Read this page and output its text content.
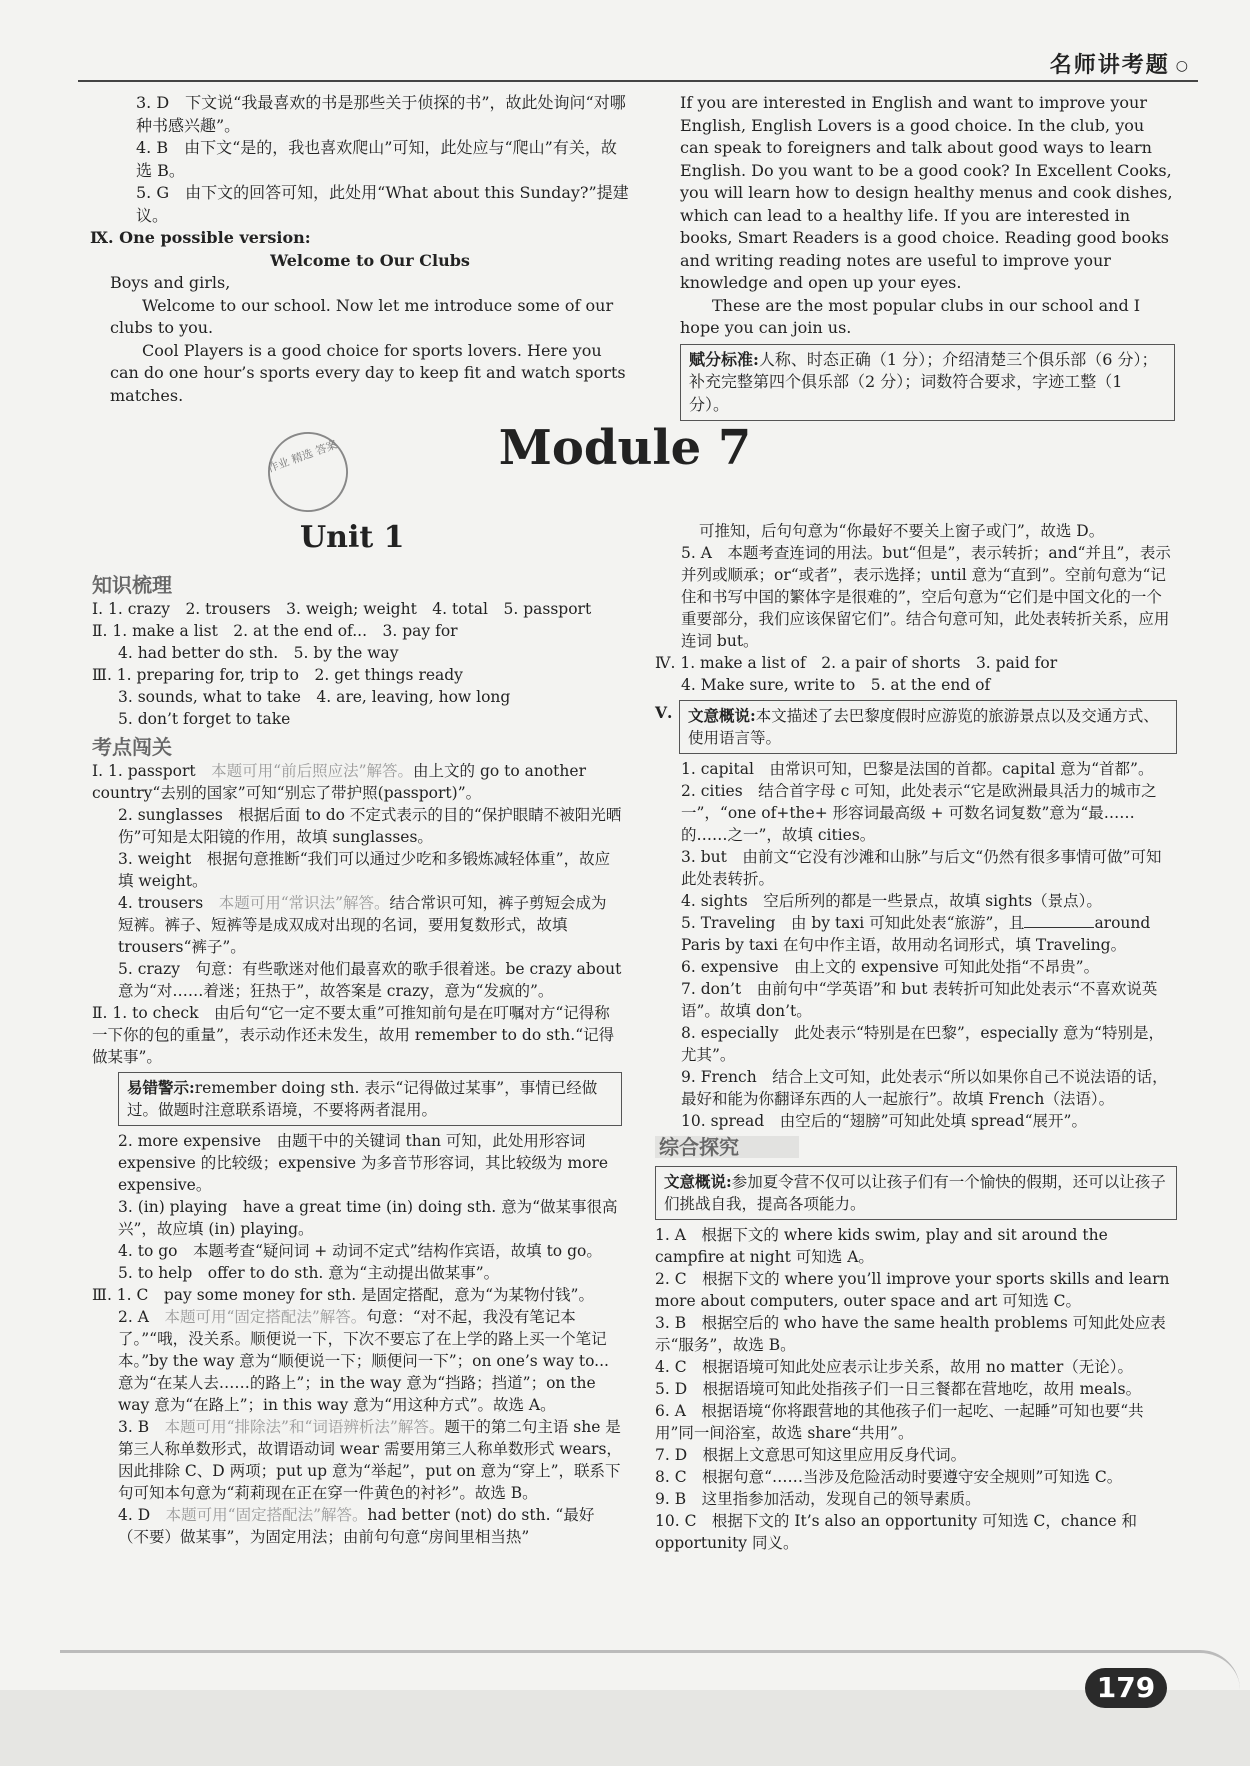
名师讲考题 ○

3. D　下文说“我最喜欢的书是那些关于侦探的书”，故此处询问“对哪种书感兴趣”。

4. B　由下文“是的，我也喜欢爬山”可知，此处应与“爬山”有关，故选 B。

5. G　由下文的回答可知，此处用“What about this Sunday?”提建议。

Ⅸ. One possible version:

Welcome to Our Clubs

Boys and girls,

Welcome to our school. Now let me introduce some of our clubs to you.

Cool Players is a good choice for sports lovers. Here you can do one hour’s sports every day to keep fit and watch sports matches.

If you are interested in English and want to improve your English, English Lovers is a good choice. In the club, you can speak to foreigners and talk about good ways to learn English. Do you want to be a good cook? In Excellent Cooks, you will learn how to design healthy menus and cook dishes, which can lead to a healthy life. If you are interested in books, Smart Readers is a good choice. Reading good books and writing reading notes are useful to improve your knowledge and open up your eyes.

These are the most popular clubs in our school and I hope you can join us.

赋分标准:人称、时态正确（1 分）；介绍清楚三个俱乐部（6 分）；补充完整第四个俱乐部（2 分）；词数符合要求，字迹工整（1 分）。
Module 7
作业 精选 答案
Unit 1
知识梳理

Ⅰ. 1. crazy　2. trousers　3. weigh; weight　4. total　5. passport

Ⅱ. 1. make a list　2. at the end of...　3. pay for

4. had better do sth.　5. by the way

Ⅲ. 1. preparing for, trip to　2. get things ready

3. sounds, what to take　4. are, leaving, how long

5. don’t forget to take

考点闯关

Ⅰ. 1. passport　 本题可用“前后照应法”解答。由上文的 go to another country“去别的国家”可知“别忘了带护照(passport)”。

2. sunglasses　根据后面 to do 不定式表示的目的“保护眼睛不被阳光晒伤”可知是太阳镜的作用，故填 sunglasses。

3. weight　根据句意推断“我们可以通过少吃和多锻炼减轻体重”，故应填 weight。

4. trousers　 本题可用“常识法”解答。结合常识可知，裤子剪短会成为短裤。裤子、短裤等是成双成对出现的名词，要用复数形式，故填 trousers“裤子”。

5. crazy　句意：有些歌迷对他们最喜欢的歌手很着迷。be crazy about 意为“对……着迷；狂热于”，故答案是 crazy，意为“发疯的”。

Ⅱ. 1. to check　由后句“它一定不要太重”可推知前句是在叮嘱对方“记得称一下你的包的重量”，表示动作还未发生，故用 remember to do sth.“记得做某事”。

易错警示:remember doing sth. 表示“记得做过某事”，事情已经做过。做题时注意联系语境，不要将两者混用。

2. more expensive　由题干中的关键词 than 可知，此处用形容词 expensive 的比较级；expensive 为多音节形容词，其比较级为 more expensive。

3. (in) playing　have a great time (in) doing sth. 意为“做某事很高兴”，故应填 (in) playing。

4. to go　本题考查“疑问词 + 动词不定式”结构作宾语，故填 to go。

5. to help　offer to do sth. 意为“主动提出做某事”。

Ⅲ. 1. C　pay some money for sth. 是固定搭配，意为“为某物付钱”。

2. A　 本题可用“固定搭配法”解答。句意：“对不起，我没有笔记本了。”“哦，没关系。顺便说一下，下次不要忘了在上学的路上买一个笔记本。”by the way 意为“顺便说一下；顺便问一下”；on one’s way to... 意为“在某人去……的路上”；in the way 意为“挡路；挡道”；on the way 意为“在路上”；in this way 意为“用这种方式”。故选 A。

3. B　 本题可用“排除法”和“词语辨析法”解答。题干的第二句主语 she 是第三人称单数形式，故谓语动词 wear 需要用第三人称单数形式 wears，因此排除 C、D 两项；put up 意为“举起”，put on 意为“穿上”，联系下句可知本句意为“莉莉现在正在穿一件黄色的衬衫”。故选 B。

4. D　 本题可用“固定搭配法”解答。had better (not) do sth. “最好（不要）做某事”，为固定用法；由前句句意“房间里相当热”

可推知，后句句意为“你最好不要关上窗子或门”，故选 D。

5. A　本题考查连词的用法。but“但是”，表示转折；and“并且”，表示并列或顺承；or“或者”，表示选择；until 意为“直到”。空前句意为“记住和书写中国的繁体字是很难的”，空后句意为“它们是中国文化的一个重要部分，我们应该保留它们”。结合句意可知，此处表转折关系，应用连词 but。

Ⅳ. 1. make a list of　2. a pair of shorts　3. paid for

4. Make sure, write to　5. at the end of

Ⅴ.	文意概说:本文描述了去巴黎度假时应游览的旅游景点以及交通方式、使用语言等。

1. capital　由常识可知，巴黎是法国的首都。capital 意为“首都”。

2. cities　结合首字母 c 可知，此处表示“它是欧洲最具活力的城市之一”，“one of+the+ 形容词最高级 + 可数名词复数”意为“最……的……之一”，故填 cities。

3. but　由前文“它没有沙滩和山脉”与后文“仍然有很多事情可做”可知此处表转折。

4. sights　空后所列的都是一些景点，故填 sights（景点）。

5. Traveling　由 by taxi 可知此处表“旅游”，且	around Paris by taxi 在句中作主语，故用动名词形式，填 Traveling。

6. expensive　由上文的 expensive 可知此处指“不昂贵”。

7. don’t　由前句中“学英语”和 but 表转折可知此处表示“不喜欢说英语”。故填 don’t。

8. especially　此处表示“特别是在巴黎”，especially 意为“特别是，尤其”。

9. French　结合上文可知，此处表示“所以如果你自己不说法语的话，最好和能为你翻译东西的人一起旅行”。故填 French（法语）。

10. spread　由空后的“翅膀”可知此处填 spread“展开”。

综合探究
文意概说:参加夏令营不仅可以让孩子们有一个愉快的假期，还可以让孩子们挑战自我，提高各项能力。

1. A　根据下文的 where kids swim, play and sit around the campfire at night 可知选 A。

2. C　根据下文的 where you’ll improve your sports skills and learn more about computers, outer space and art 可知选 C。

3. B　根据空后的 who have the same health problems 可知此处应表示“服务”，故选 B。

4. C　根据语境可知此处应表示让步关系，故用 no matter（无论）。

5. D　根据语境可知此处指孩子们一日三餐都在营地吃，故用 meals。

6. A　根据语境“你将跟营地的其他孩子们一起吃、一起睡”可知也要“共用”同一间浴室，故选 share“共用”。

7. D　根据上文意思可知这里应用反身代词。

8. C　根据句意“……当涉及危险活动时要遵守安全规则”可知选 C。

9. B　这里指参加活动，发现自己的领导素质。

10. C　根据下文的 It’s also an opportunity 可知选 C，chance 和 opportunity 同义。

179
